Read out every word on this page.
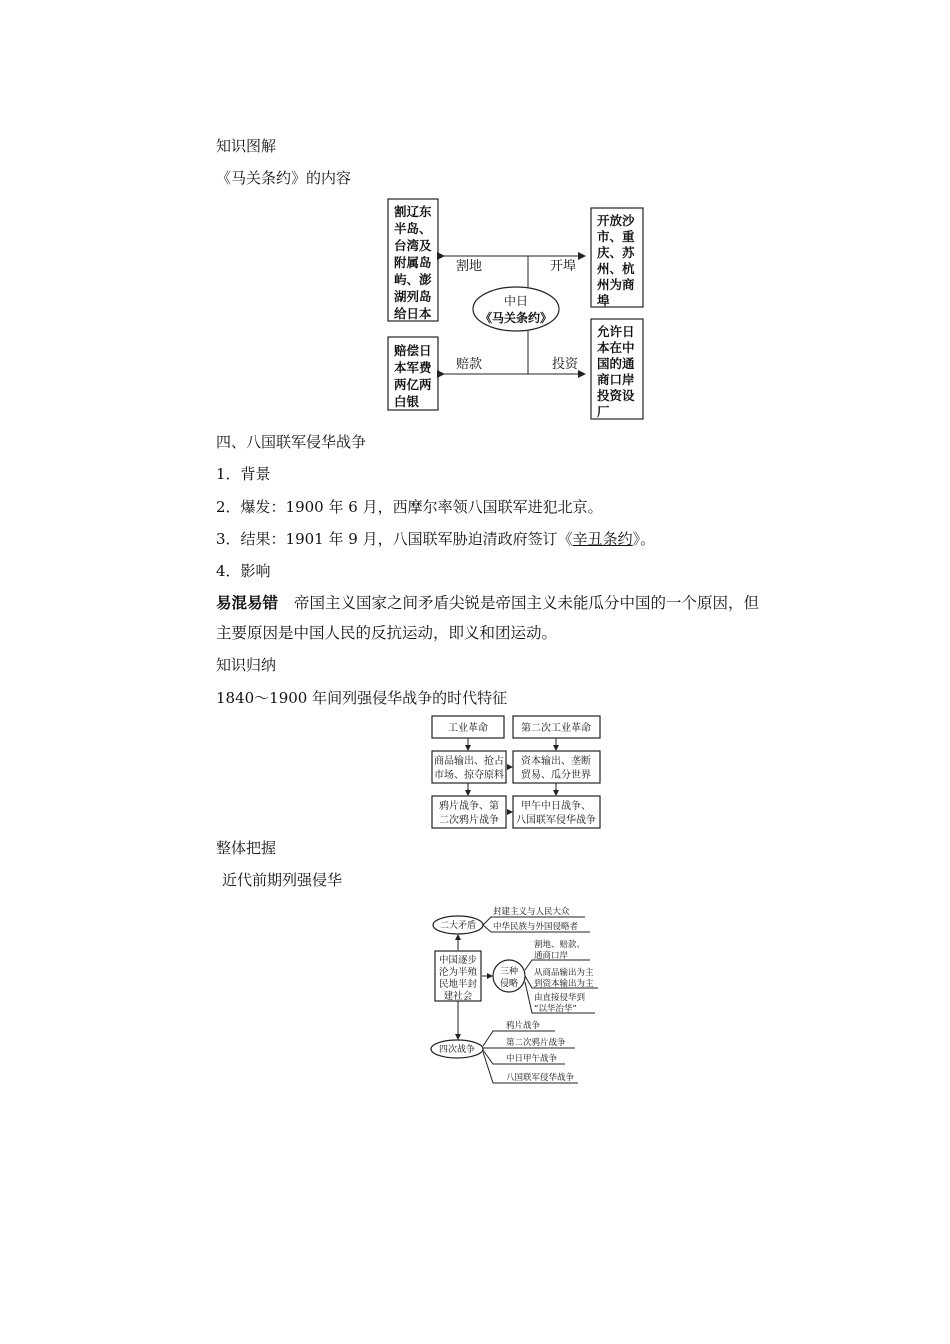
知识图解
《马关条约》的内容
割地	开埠
赔款	投资
中日
《马关条约》
割辽东
半岛、
台湾及
附属岛
屿、澎
湖列岛
给日本
开放沙
市、重
庆、苏
州、杭
州为商
埠
赔偿日
本军费
两亿两
白银
允许日
本在中
国的通
商口岸
投资设
厂
四、八国联军侵华战争
1．背景
2．爆发：1900 年 6 月，西摩尔率领八国联军进犯北京。
3．结果：1901 年 9 月，八国联军胁迫清政府签订《辛丑条约》。
4．影响
易混易错 帝国主义国家之间矛盾尖锐是帝国主义未能瓜分中国的一个原因，但
主要原因是中国人民的反抗运动，即义和团运动。
知识归纳
1840～1900 年间列强侵华战争的时代特征
工业革命	第二次工业革命
商品输出、抢占
市场、掠夺原料
资本输出、垄断
贸易、瓜分世界
鸦片战争、第
二次鸦片战争
甲午中日战争、
八国联军侵华战争
整体把握
近代前期列强侵华
二大矛盾
封建主义与人民大众
中华民族与外国侵略者
中国逐步
沦为半殖
民地半封
建社会
三种
侵略
割地、赔款、
通商口岸
从商品输出为主
到资本输出为主
由直接侵华到
“以华治华”
四次战争
鸦片战争
第二次鸦片战争
中日甲午战争
八国联军侵华战争
